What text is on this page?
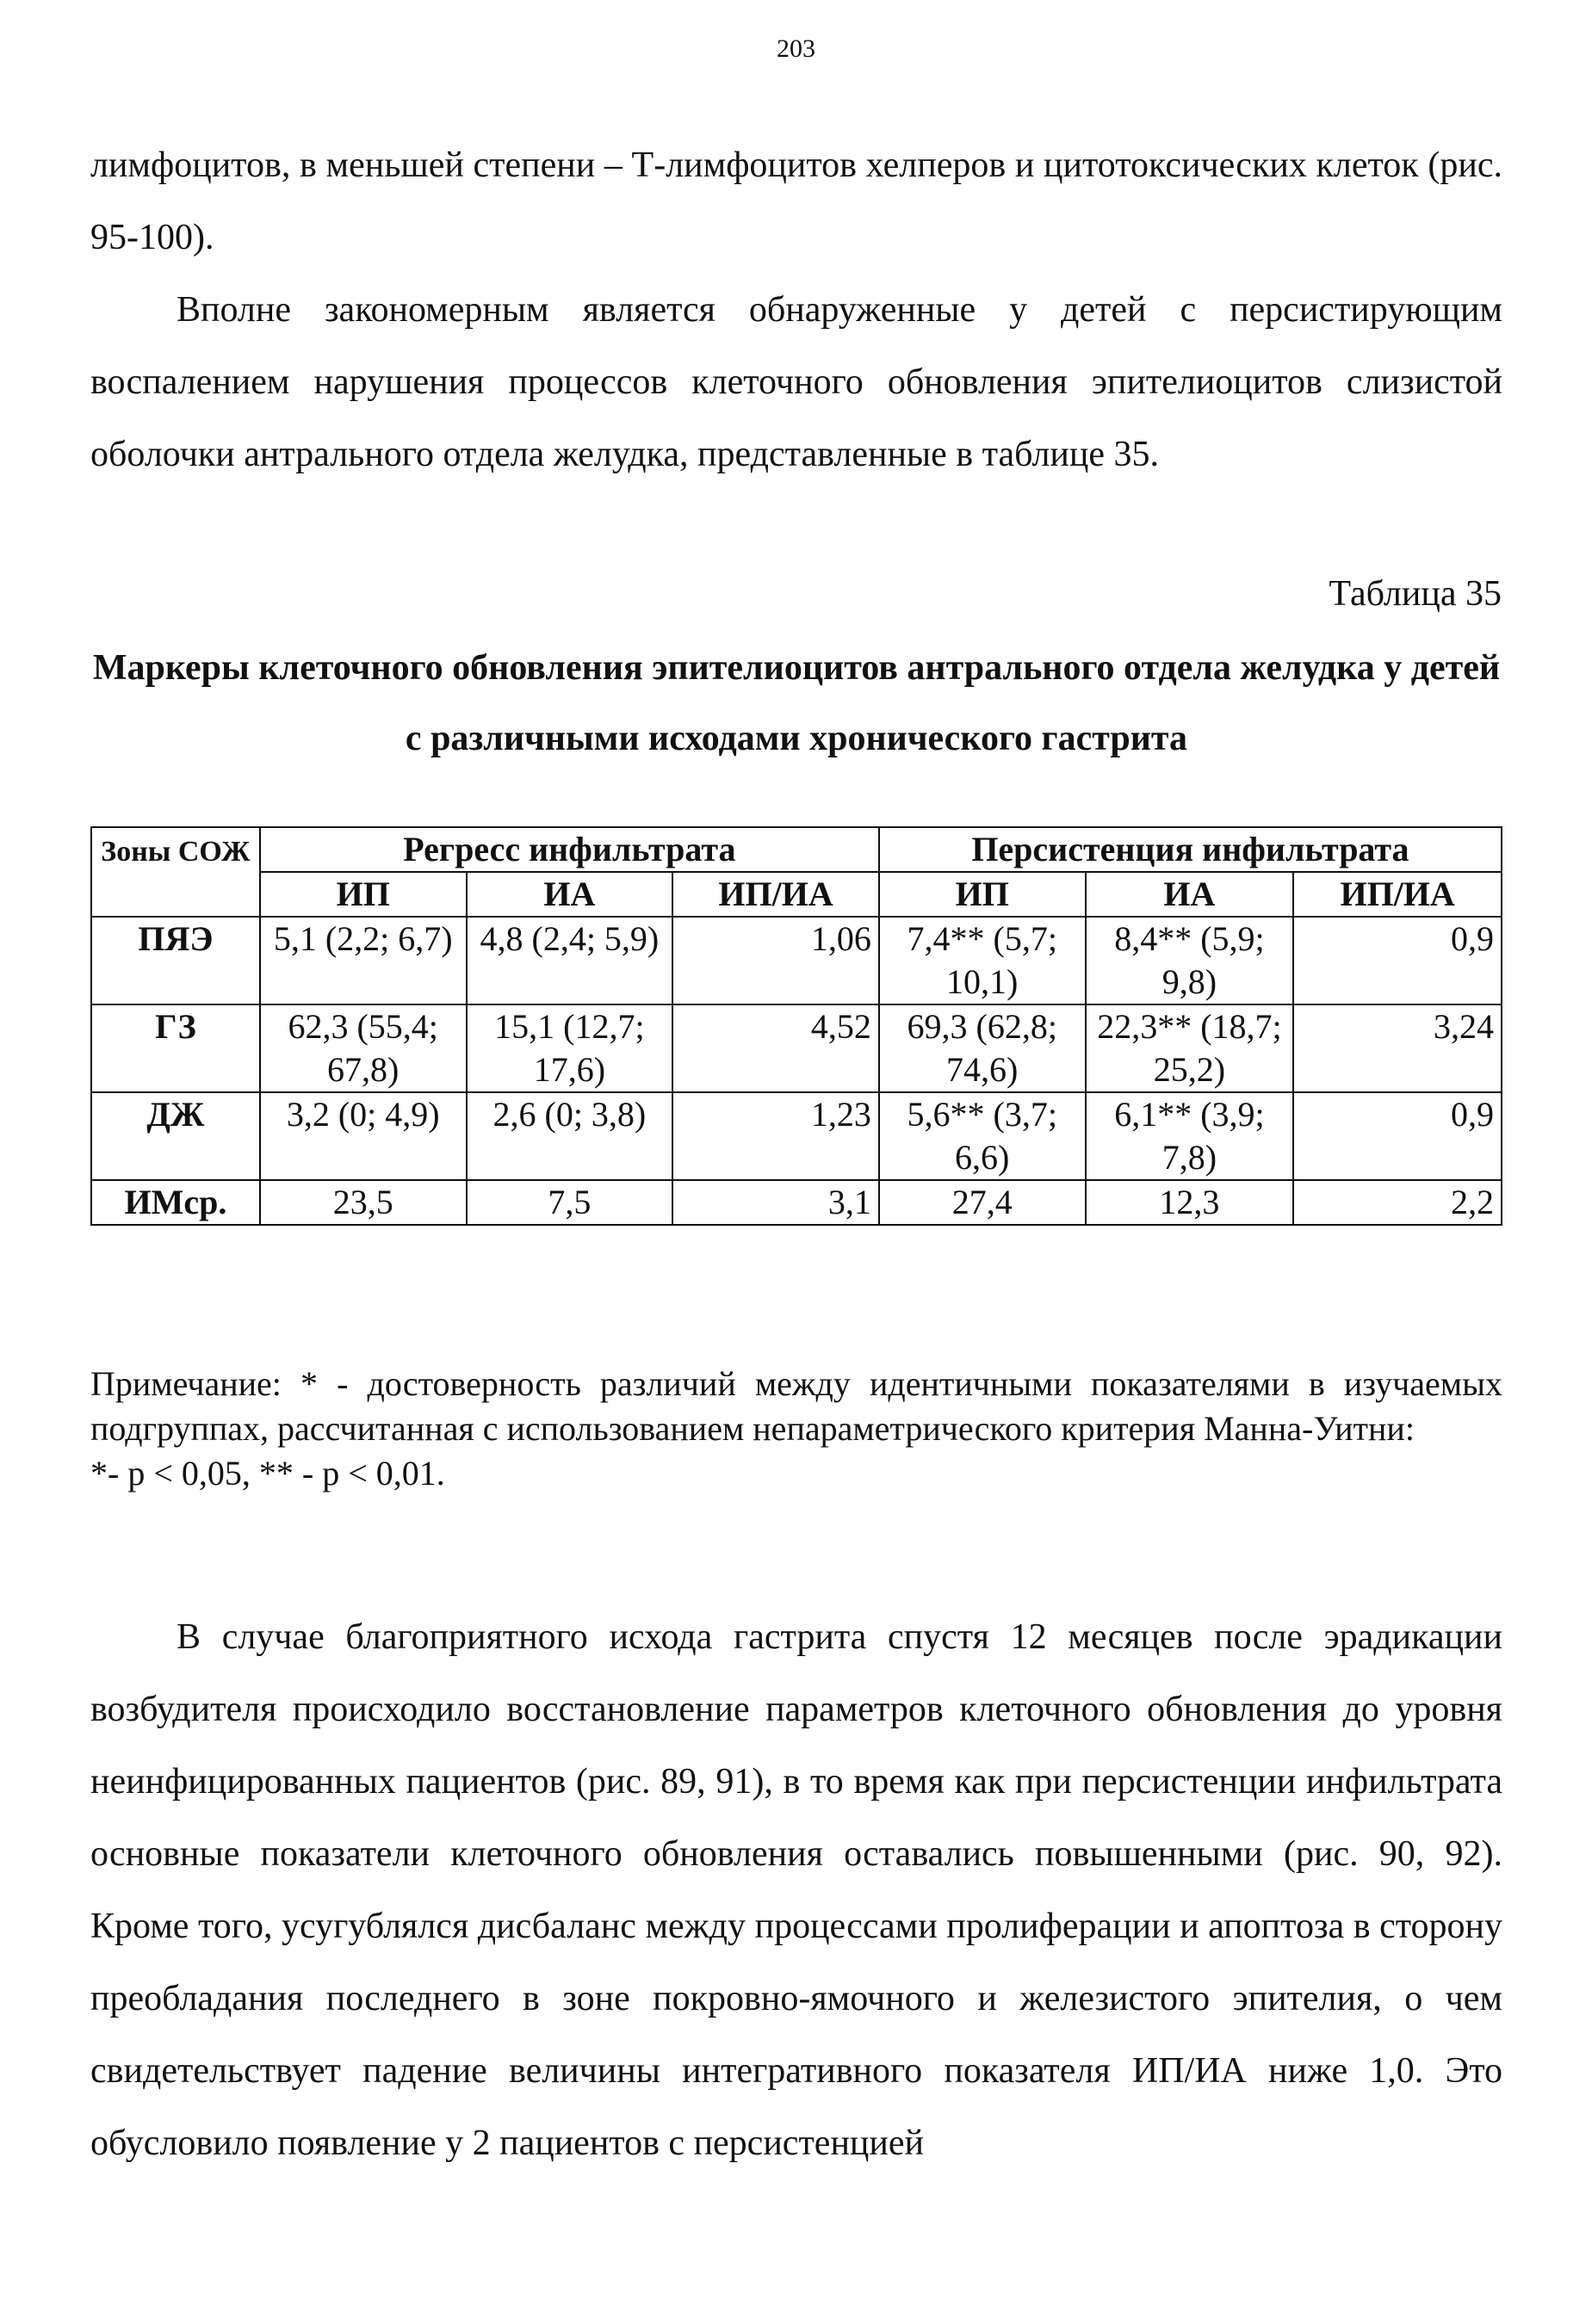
203

лимфоцитов, в меньшей степени – Т-лимфоцитов хелперов и цитотоксических клеток (рис. 95-100).

Вполне закономерным является обнаруженные у детей с персистирующим воспалением нарушения процессов клеточного обновления эпителиоцитов слизистой оболочки антрального отдела желудка, представленные в таблице 35.

Таблица 35

Маркеры клеточного обновления эпителиоцитов антрального отдела желудка у детей с различными исходами хронического гастрита

Зоны СОЖ	Регресс инфильтрата			Персистенция инфильтрата		
	ИП	ИА	ИП/ИА	ИП	ИА	ИП/ИА
ПЯЭ	5,1 (2,2; 6,7)	4,8 (2,4; 5,9)	1,06	7,4** (5,7; 10,1)	8,4** (5,9; 9,8)	0,9
ГЗ	62,3 (55,4; 67,8)	15,1 (12,7; 17,6)	4,52	69,3 (62,8; 74,6)	22,3** (18,7; 25,2)	3,24
ДЖ	3,2 (0; 4,9)	2,6 (0; 3,8)	1,23	5,6** (3,7; 6,6)	6,1** (3,9; 7,8)	0,9
ИМср.	23,5	7,5	3,1	27,4	12,3	2,2
Примечание: * - достоверность различий между идентичными показателями в изучаемых подгруппах, рассчитанная с использованием непараметрического критерия Манна-Уитни:
*- p < 0,05, ** - p < 0,01.

В случае благоприятного исхода гастрита спустя 12 месяцев после эрадикации возбудителя происходило восстановление параметров клеточного обновления до уровня неинфицированных пациентов (рис. 89, 91), в то время как при персистенции инфильтрата основные показатели клеточного обновления оставались повышенными (рис. 90, 92). Кроме того, усугублялся дисбаланс между процессами пролиферации и апоптоза в сторону преобладания последнего в зоне покровно-ямочного и железистого эпителия, о чем свидетельствует падение величины интегративного показателя ИП/ИА ниже 1,0. Это обусловило появление у 2 пациентов с персистенцией
